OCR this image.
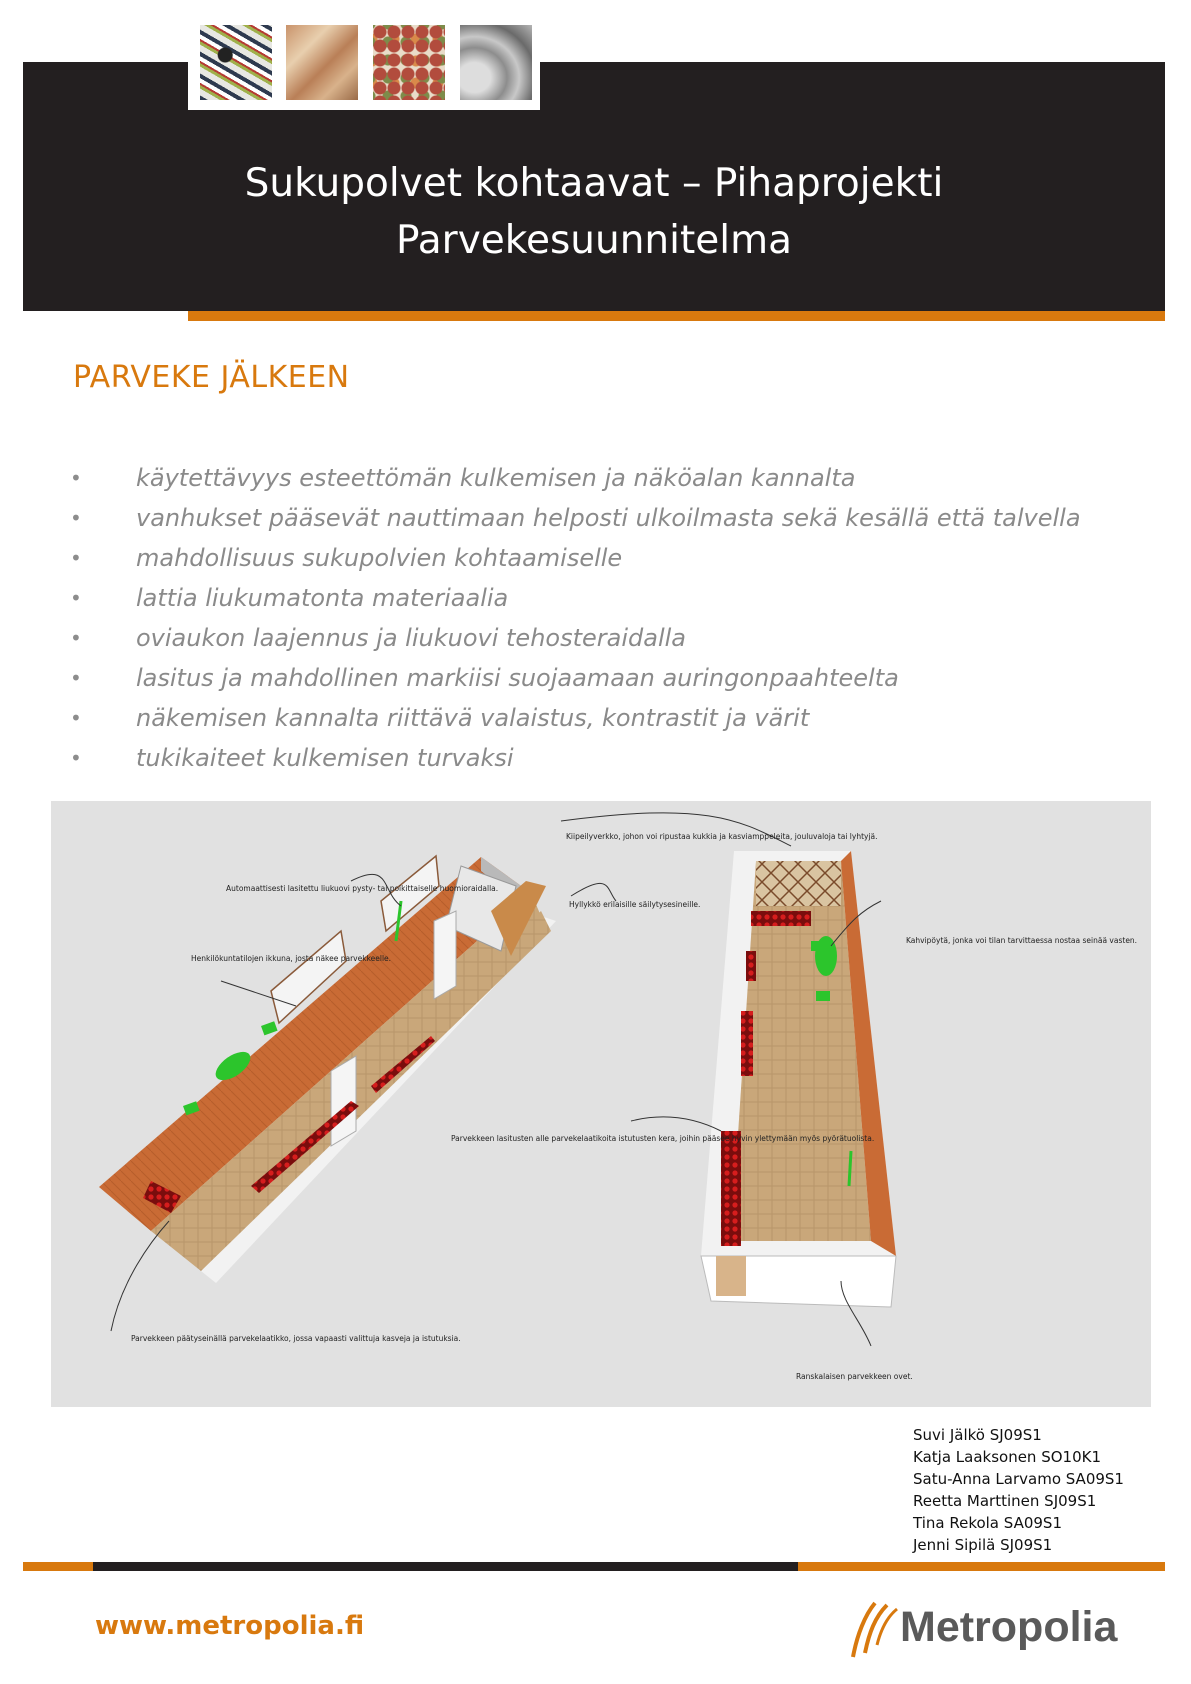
Sukupolvet kohtaavat – Pihaprojekti
Parvekesuunnitelma
PARVEKE JÄLKEEN
•	käytettävyys esteettömän kulkemisen ja näköalan kannalta
•	vanhukset pääsevät nauttimaan helposti ulkoilmasta sekä kesällä että talvella
•	mahdollisuus sukupolvien kohtaamiselle
•	lattia liukumatonta materiaalia
•	oviaukon laajennus ja liukuovi tehosteraidalla
•	lasitus ja mahdollinen markiisi suojaamaan auringonpaahteelta
•	näkemisen kannalta riittävä valaistus, kontrastit ja värit
•	tukikaiteet kulkemisen turvaksi
Automaattisesti lasitettu liukuovi pysty- tai poikittaiselle huomioraidalla.
Henkilökuntatilojen ikkuna, josta näkee parvekkeelle.
Hyllykkö erilaisille säilytysesineille.
Parvekkeen päätyseinällä parvekelaatikko, jossa vapaasti valittuja kasveja ja istutuksia.
Kiipeilyverkko, johon voi ripustaa kukkia ja kasviamppeleita, jouluvaloja tai lyhtyjä.
Kahvipöytä, jonka voi tilan tarvittaessa nostaa seinää vasten.
Parvekkeen lasitusten alle parvekelaatikoita istutusten kera, joihin pääsee hyvin ylettymään myös pyörätuolista.
Ranskalaisen parvekkeen ovet.
Suvi Jälkö SJ09S1
Katja Laaksonen SO10K1
Satu-Anna Larvamo SA09S1
Reetta Marttinen SJ09S1
Tina Rekola SA09S1
Jenni Sipilä SJ09S1
www.metropolia.fi	Metropolia
